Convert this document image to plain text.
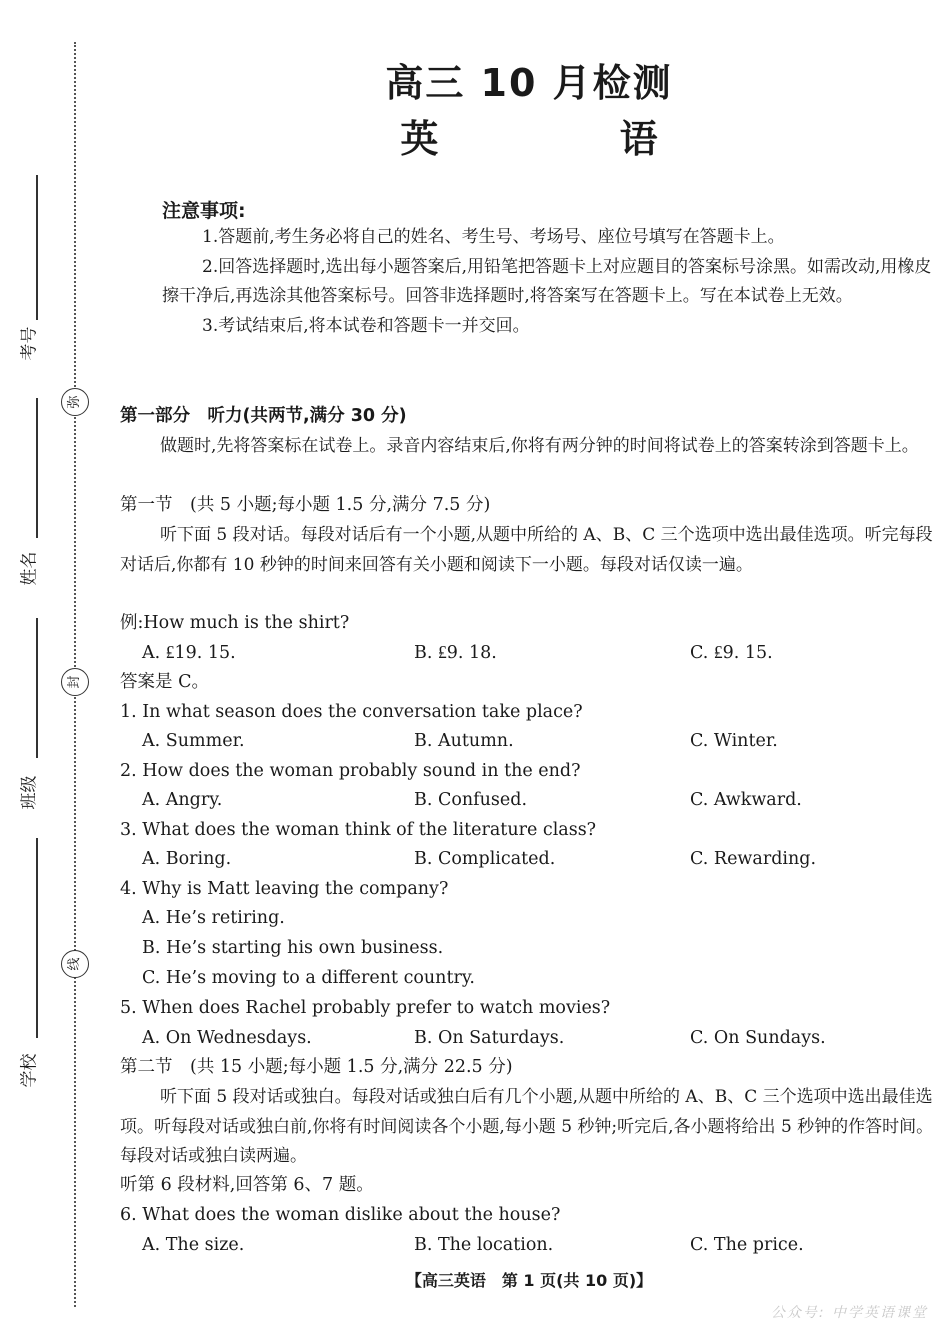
弥
封
线
考号
姓名
班级
学校
高三 10 月检测
英 语
注意事项:

1.答题前,考生务必将自己的姓名、考生号、考场号、座位号填写在答题卡上。

2.回答选择题时,选出每小题答案后,用铅笔把答题卡上对应题目的答案标号涂黑。如需改动,用橡皮擦干净后,再选涂其他答案标号。回答非选择题时,将答案写在答题卡上。写在本试卷上无效。

3.考试结束后,将本试卷和答题卡一并交回。

第一部分　听力(共两节,满分 30 分)
做题时,先将答案标在试卷上。录音内容结束后,你将有两分钟的时间将试卷上的答案转涂到答题卡上。
第一节　(共 5 小题;每小题 1.5 分,满分 7.5 分)
听下面 5 段对话。每段对话后有一个小题,从题中所给的 A、B、C 三个选项中选出最佳选项。听完每段对话后,你都有 10 秒钟的时间来回答有关小题和阅读下一小题。每段对话仅读一遍。
例:How much is the shirt?
A. ₤19. 15.	B. ₤9. 18.	C. ₤9. 15.
答案是 C。
1. In what season does the conversation take place?
A. Summer.	B. Autumn.	C. Winter.
2. How does the woman probably sound in the end?
A. Angry.	B. Confused.	C. Awkward.
3. What does the woman think of the literature class?
A. Boring.	B. Complicated.	C. Rewarding.
4. Why is Matt leaving the company?
A. He’s retiring.
B. He’s starting his own business.
C. He’s moving to a different country.
5. When does Rachel probably prefer to watch movies?
A. On Wednesdays.	B. On Saturdays.	C. On Sundays.
第二节　(共 15 小题;每小题 1.5 分,满分 22.5 分)
听下面 5 段对话或独白。每段对话或独白后有几个小题,从题中所给的 A、B、C 三个选项中选出最佳选项。听每段对话或独白前,你将有时间阅读各个小题,每小题 5 秒钟;听完后,各小题将给出 5 秒钟的作答时间。每段对话或独白读两遍。
听第 6 段材料,回答第 6、7 题。
6. What does the woman dislike about the house?
A. The size.	B. The location.	C. The price.
【高三英语　第 1 页(共 10 页)】
公众号: 中学英语课堂
